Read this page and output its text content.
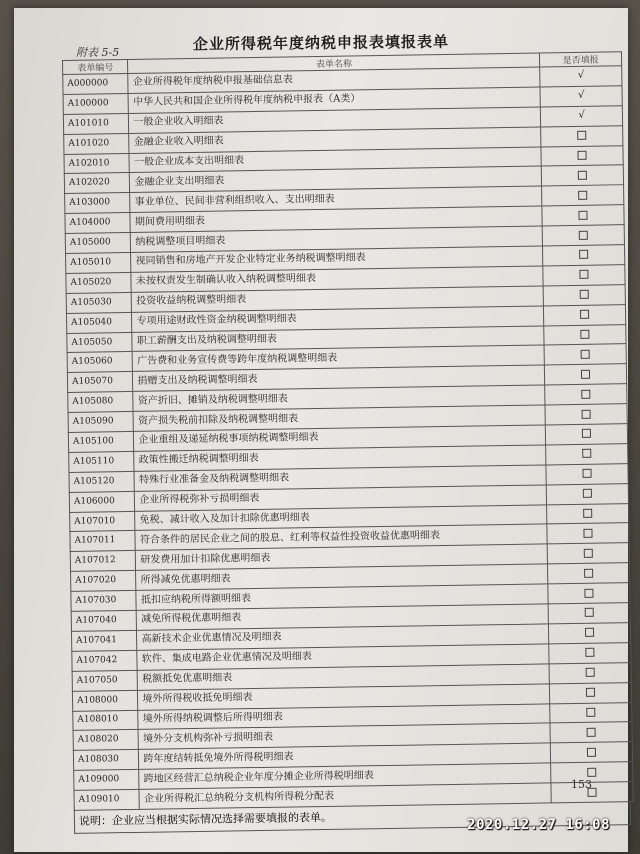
附表 5-5	企业所得税年度纳税申报表填报表单
表单编号	表单名称	是否填报
A000000	企业所得税年度纳税申报基础信息表	√
A100000	中华人民共和国企业所得税年度纳税申报表（A类）	√
A101010	一般企业收入明细表	√
A101020	金融企业收入明细表	
A102010	一般企业成本支出明细表	
A102020	金融企业支出明细表	
A103000	事业单位、民间非营利组织收入、支出明细表	
A104000	期间费用明细表	
A105000	纳税调整项目明细表	
A105010	视同销售和房地产开发企业特定业务纳税调整明细表	
A105020	未按权责发生制确认收入纳税调整明细表	
A105030	投资收益纳税调整明细表	
A105040	专项用途财政性资金纳税调整明细表	
A105050	职工薪酬支出及纳税调整明细表	
A105060	广告费和业务宣传费等跨年度纳税调整明细表	
A105070	捐赠支出及纳税调整明细表	
A105080	资产折旧、摊销及纳税调整明细表	
A105090	资产损失税前扣除及纳税调整明细表	
A105100	企业重组及递延纳税事项纳税调整明细表	
A105110	政策性搬迁纳税调整明细表	
A105120	特殊行业准备金及纳税调整明细表	
A106000	企业所得税弥补亏损明细表	
A107010	免税、减计收入及加计扣除优惠明细表	
A107011	符合条件的居民企业之间的股息、红利等权益性投资收益优惠明细表	
A107012	研发费用加计扣除优惠明细表	
A107020	所得减免优惠明细表	
A107030	抵扣应纳税所得额明细表	
A107040	减免所得税优惠明细表	
A107041	高新技术企业优惠情况及明细表	
A107042	软件、集成电路企业优惠情况及明细表	
A107050	税额抵免优惠明细表	
A108000	境外所得税收抵免明细表	
A108010	境外所得纳税调整后所得明细表	
A108020	境外分支机构弥补亏损明细表	
A108030	跨年度结转抵免境外所得税明细表	
A109000	跨地区经营汇总纳税企业年度分摊企业所得税明细表	
A109010	企业所得税汇总纳税分支机构所得税分配表	
说明：企业应当根据实际情况选择需要填报的表单。
153
2020.12.27 16:08
